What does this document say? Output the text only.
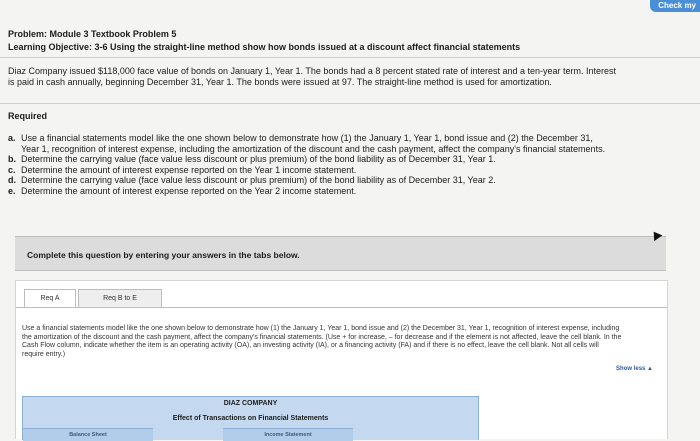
Check my
Problem: Module 3 Textbook Problem 5
Learning Objective: 3-6 Using the straight-line method show how bonds issued at a discount affect financial statements
Diaz Company issued $118,000 face value of bonds on January 1, Year 1. The bonds had a 8 percent stated rate of interest and a ten-year term. Interest is paid in cash annually, beginning December 31, Year 1. The bonds were issued at 97. The straight-line method is used for amortization.
Required
a. Use a financial statements model like the one shown below to demonstrate how (1) the January 1, Year 1, bond issue and (2) the December 31, Year 1, recognition of interest expense, including the amortization of the discount and the cash payment, affect the company's financial statements.
b. Determine the carrying value (face value less discount or plus premium) of the bond liability as of December 31, Year 1.
c. Determine the amount of interest expense reported on the Year 1 income statement.
d. Determine the carrying value (face value less discount or plus premium) of the bond liability as of December 31, Year 2.
e. Determine the amount of interest expense reported on the Year 2 income statement.
Complete this question by entering your answers in the tabs below.
Req A	Req B to E
Use a financial statements model like the one shown below to demonstrate how (1) the January 1, Year 1, bond issue and (2) the December 31, Year 1, recognition of interest expense, including the amortization of the discount and the cash payment, affect the company's financial statements. (Use + for increase, – for decrease and if the element is not affected, leave the cell blank. In the Cash Flow column, indicate whether the item is an operating activity (OA), an investing activity (IA), or a financing activity (FA) and if there is no effect, leave the cell blank. Not all cells will require entry.)
Show less ▲
DIAZ COMPANY
Effect of Transactions on Financial Statements
Balance Sheet	Income Statement
